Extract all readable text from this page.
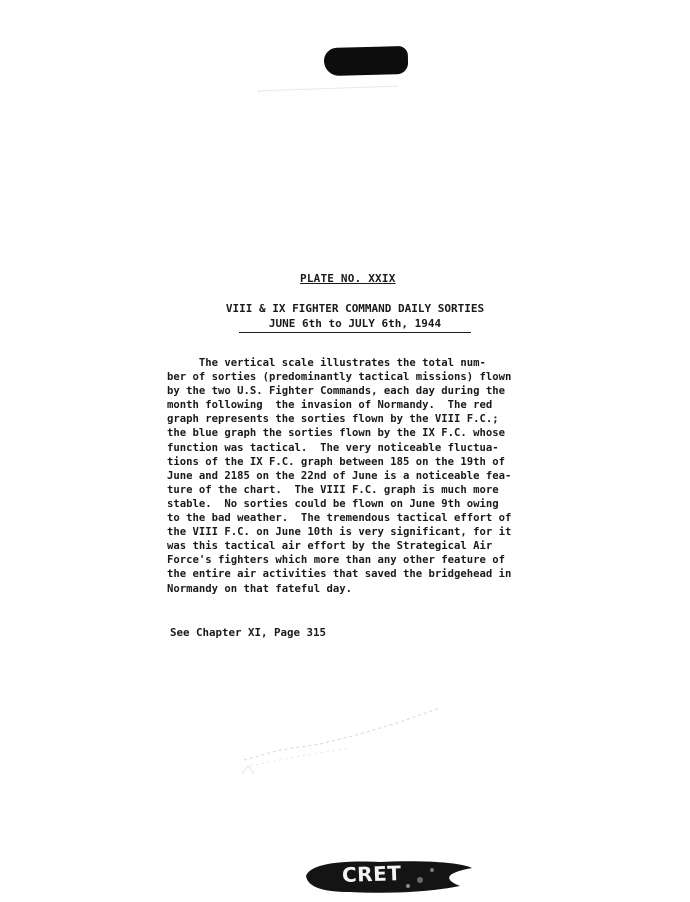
PLATE NO. XXIX
VIII & IX FIGHTER COMMAND DAILY SORTIES
JUNE 6th to JULY 6th, 1944
The vertical scale illustrates the total num-
ber of sorties (predominantly tactical missions) flown
by the two U.S. Fighter Commands, each day during the
month following  the invasion of Normandy.  The red
graph represents the sorties flown by the VIII F.C.;
the blue graph the sorties flown by the IX F.C. whose
function was tactical.  The very noticeable fluctua-
tions of the IX F.C. graph between 185 on the 19th of
June and 2185 on the 22nd of June is a noticeable fea-
ture of the chart.  The VIII F.C. graph is much more
stable.  No sorties could be flown on June 9th owing
to the bad weather.  The tremendous tactical effort of
the VIII F.C. on June 10th is very significant, for it
was this tactical air effort by the Strategical Air
Force's fighters which more than any other feature of
the entire air activities that saved the bridgehead in
Normandy on that fateful day.
See Chapter XI, Page 315
CRET
